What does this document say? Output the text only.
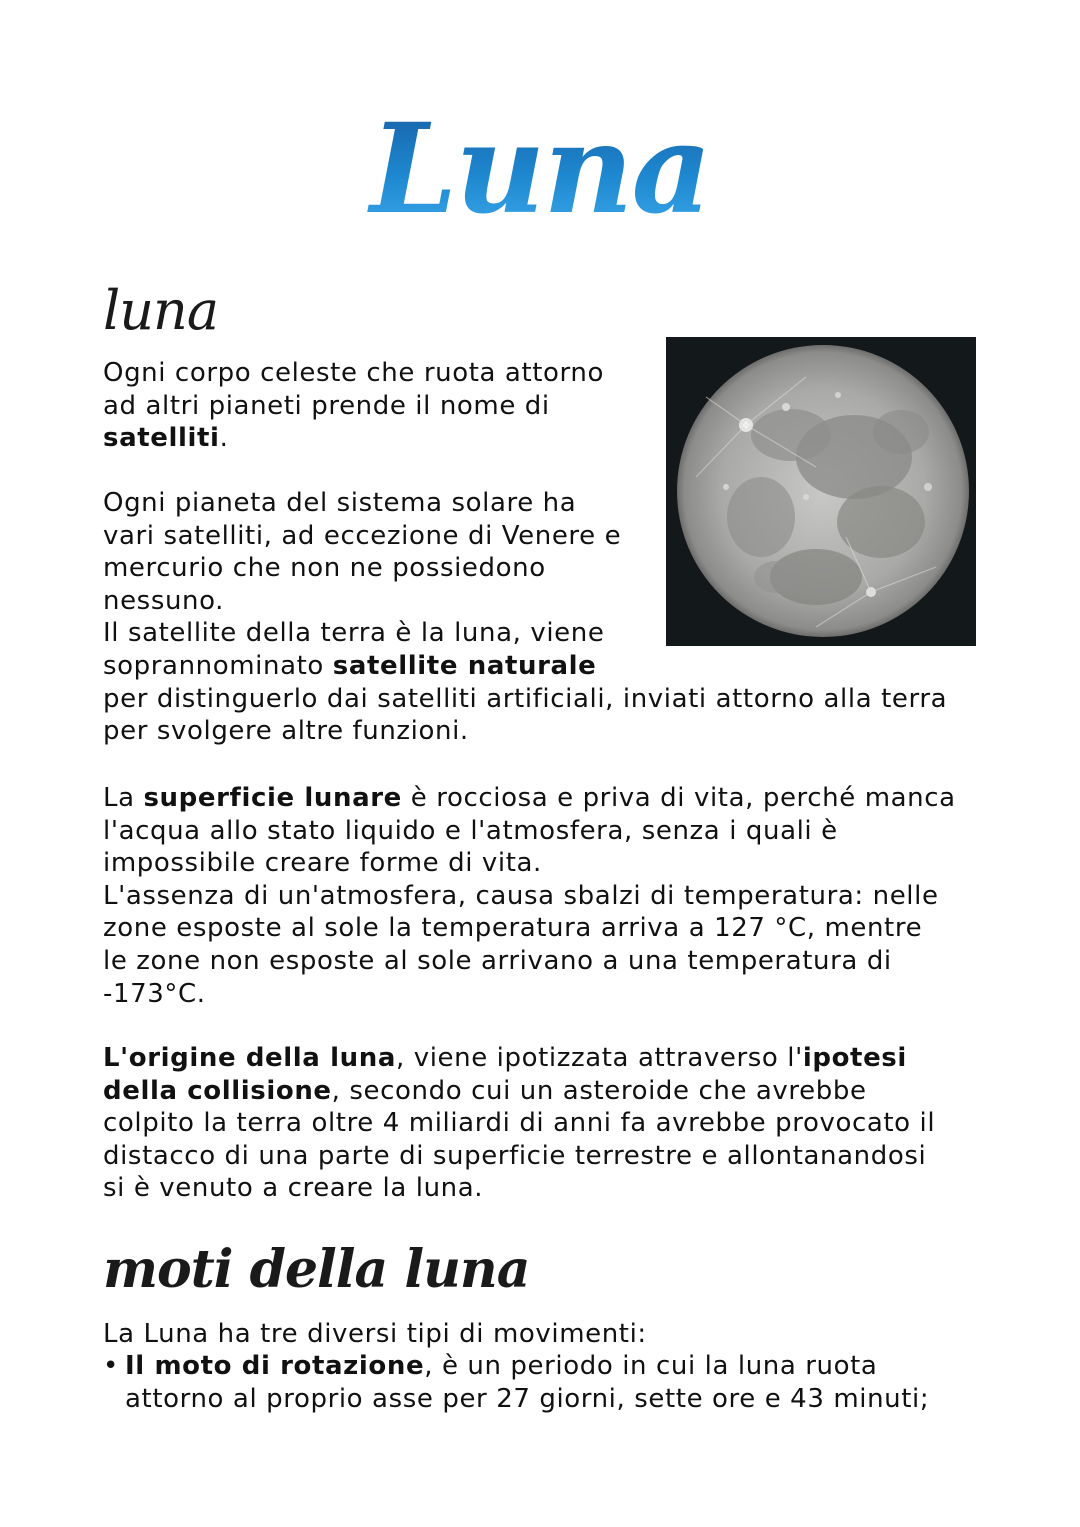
Luna
luna

Ogni corpo celeste che ruota attorno
ad altri pianeti prende il nome di
satelliti.

Ogni pianeta del sistema solare ha
vari satelliti, ad eccezione di Venere e
mercurio che non ne possiedono
nessuno.
Il satellite della terra è la luna, viene
soprannominato satellite naturale
per distinguerlo dai satelliti artificiali, inviati attorno alla terra
per svolgere altre funzioni.

La superficie lunare è rocciosa e priva di vita, perché manca
l'acqua allo stato liquido e l'atmosfera, senza i quali è
impossibile creare forme di vita.
L'assenza di un'atmosfera, causa sbalzi di temperatura: nelle
zone esposte al sole la temperatura arriva a 127 °C, mentre
le zone non esposte al sole arrivano a una temperatura di
-173°C.

L'origine della luna, viene ipotizzata attraverso l'ipotesi
della collisione, secondo cui un asteroide che avrebbe
colpito la terra oltre 4 miliardi di anni fa avrebbe provocato il
distacco di una parte di superficie terrestre e allontanandosi
si è venuto a creare la luna.

moti della luna

La Luna ha tre diversi tipi di movimenti:

• Il moto di rotazione, è un periodo in cui la luna ruota
attorno al proprio asse per 27 giorni, sette ore e 43 minuti;
